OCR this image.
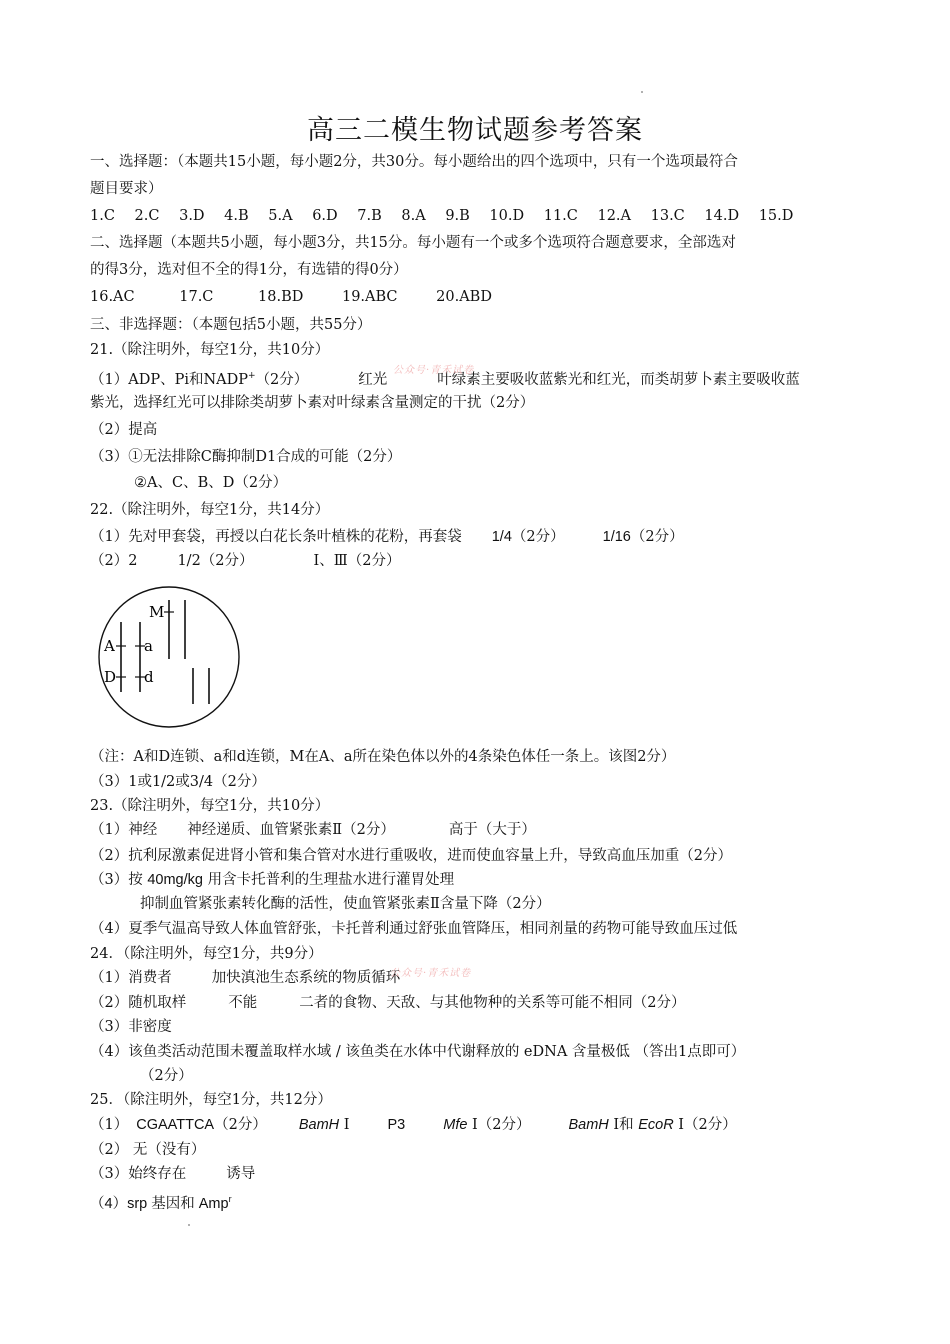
高三二模生物试题参考答案
一、选择题：（本题共15小题，每小题2分，共30分。每小题给出的四个选项中，只有一个选项最符合
题目要求）
1.C 2.C 3.D 4.B 5.A 6.D 7.B 8.A 9.B 10.D 11.C 12.A 13.C 14.D 15.D
二、选择题（本题共5小题，每小题3分，共15分。每小题有一个或多个选项符合题意要求，全部选对
的得3分，选对但不全的得1分，有选错的得0分）
16.AC	17.C	18.BD	19.ABC	20.ABD
三、非选择题：（本题包括5小题，共55分）
21.（除注明外，每空1分，共10分）
（1）ADP、Pi和NADP+（2分）	红光	叶绿素主要吸收蓝紫光和红光，而类胡萝卜素主要吸收蓝
公众号·青禾试卷
紫光，选择红光可以排除类胡萝卜素对叶绿素含量测定的干扰（2分）
（2）提高
（3）①无法排除C酶抑制D1合成的可能（2分）
②A、C、B、D（2分）
22.（除注明外，每空1分，共14分）
（1）先对甲套袋，再授以白花长条叶植株的花粉，再套袋 1/4（2分）	1/16（2分）
（2）2	1/2（2分）	Ⅰ、Ⅲ（2分）
M
A a
D d
（注：A和D连锁、a和d连锁，M在A、a所在染色体以外的4条染色体任一条上。该图2分）
（3）1或1/2或3/4（2分）
23.（除注明外，每空1分，共10分）
（1）神经 神经递质、血管紧张素Ⅱ（2分）	高于（大于）
（2）抗利尿激素促进肾小管和集合管对水进行重吸收，进而使血容量上升，导致高血压加重（2分）
（3）按 40mg/kg 用含卡托普利的生理盐水进行灌胃处理
抑制血管紧张素转化酶的活性，使血管紧张素Ⅱ含量下降（2分）
（4）夏季气温高导致人体血管舒张，卡托普利通过舒张血管降压，相同剂量的药物可能导致血压过低
24．（除注明外，每空1分，共9分）
（1）消费者	加快滇池生态系统的物质循环
公众号·青禾试卷
（2）随机取样	不能	二者的食物、天敌、与其他物种的关系等可能不相同（2分）
（3）非密度
（4）该鱼类活动范围未覆盖取样水域 / 该鱼类在水体中代谢释放的 eDNA 含量极低 （答出1点即可）
（2分）
25．（除注明外，每空1分，共12分）
（1） CGAATTCA（2分） BamH Ⅰ	P3	Mfe Ⅰ（2分）	BamH Ⅰ和 EcoR Ⅰ（2分）
（2） 无（没有）
（3）始终存在	诱导
（4）srp 基因和 Amp$^r$
